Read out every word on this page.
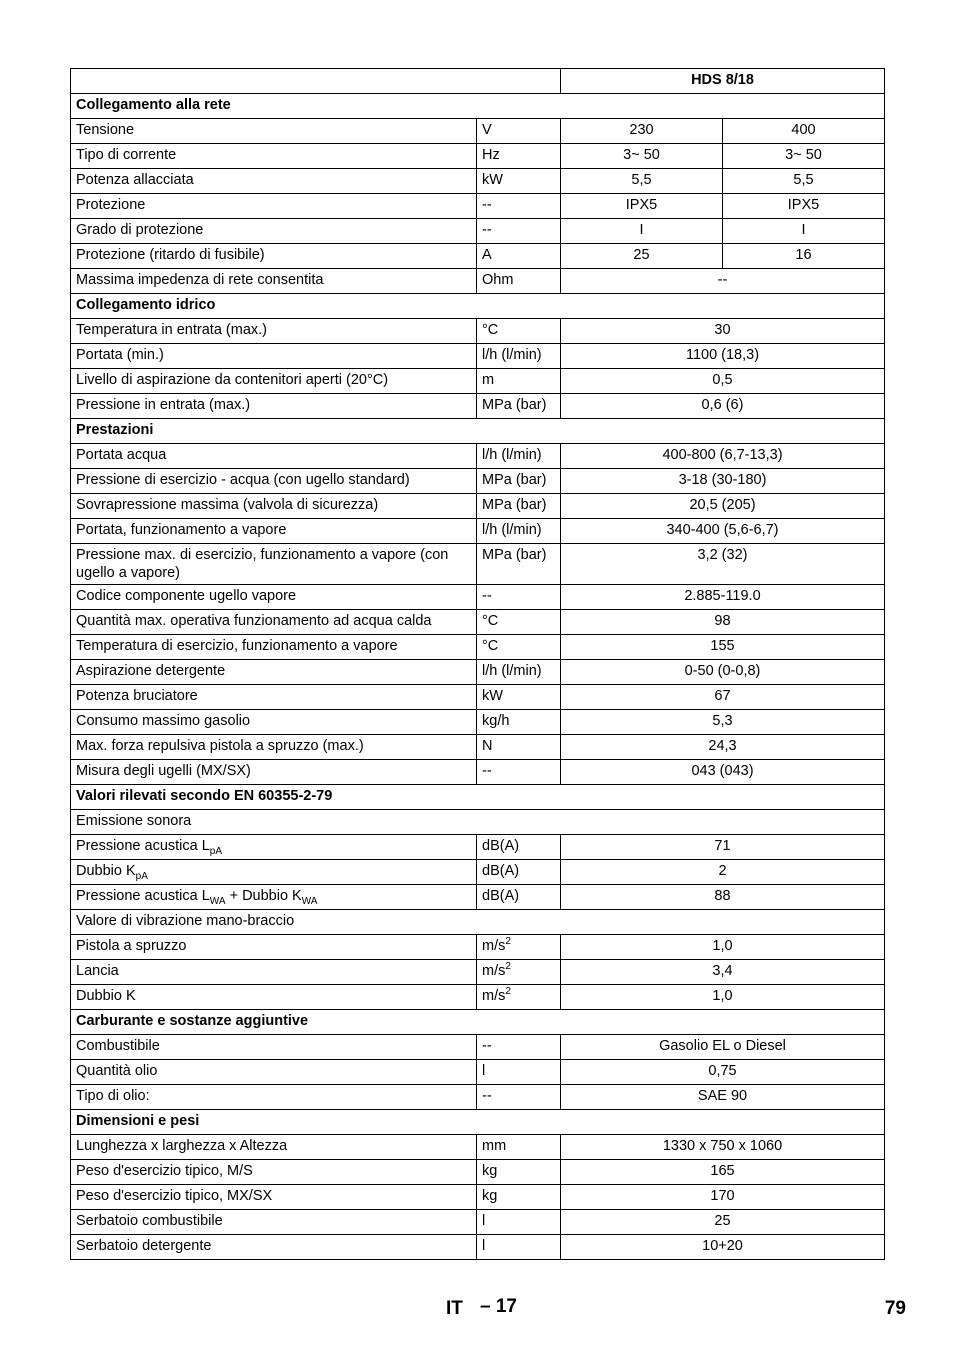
		HDS 8/18	
Collegamento alla rete			
Tensione	V	230	400
Tipo di corrente	Hz	3~ 50	3~ 50
Potenza allacciata	kW	5,5	5,5
Protezione	--	IPX5	IPX5
Grado di protezione	--	I	I
Protezione (ritardo di fusibile)	A	25	16
Massima impedenza di rete consentita	Ohm	--	
Collegamento idrico			
Temperatura in entrata (max.)	°C	30	
Portata (min.)	l/h (l/min)	1100 (18,3)	
Livello di aspirazione da contenitori aperti (20°C)	m	0,5	
Pressione in entrata (max.)	MPa (bar)	0,6 (6)	
Prestazioni			
Portata acqua	l/h (l/min)	400-800 (6,7-13,3)	
Pressione di esercizio - acqua (con ugello standard)	MPa (bar)	3-18 (30-180)	
Sovrapressione massima (valvola di sicurezza)	MPa (bar)	20,5 (205)	
Portata, funzionamento a vapore	l/h (l/min)	340-400 (5,6-6,7)	
Pressione max. di esercizio, funzionamento a vapore (con ugello a vapore)	MPa (bar)	3,2 (32)	
Codice componente ugello vapore	--	2.885-119.0	
Quantità max. operativa funzionamento ad acqua calda	°C	98	
Temperatura di esercizio, funzionamento a vapore	°C	155	
Aspirazione detergente	l/h (l/min)	0-50 (0-0,8)	
Potenza bruciatore	kW	67	
Consumo massimo gasolio	kg/h	5,3	
Max. forza repulsiva pistola a spruzzo (max.)	N	24,3	
Misura degli ugelli (MX/SX)	--	043 (043)	
Valori rilevati secondo EN 60355-2-79			
Emissione sonora			
Pressione acustica $L_{pA}$	dB(A)	71	
Dubbio $K_{pA}$	dB(A)	2	
Pressione acustica $L_{WA}$ + Dubbio $K_{WA}$	dB(A)	88	
Valore di vibrazione mano-braccio			
Pistola a spruzzo	$m/s^2$	1,0	
Lancia	$m/s^2$	3,4	
Dubbio K	$m/s^2$	1,0	
Carburante e sostanze aggiuntive			
Combustibile	--	Gasolio EL o Diesel	
Quantità olio	l	0,75	
Tipo di olio:	--	SAE 90	
Dimensioni e pesi			
Lunghezza x larghezza x Altezza	mm	1330 x 750 x 1060	
Peso d'esercizio tipico, M/S	kg	165	
Peso d'esercizio tipico, MX/SX	kg	170	
Serbatoio combustibile	l	25	
Serbatoio detergente	l	10+20	
IT – 17	79
